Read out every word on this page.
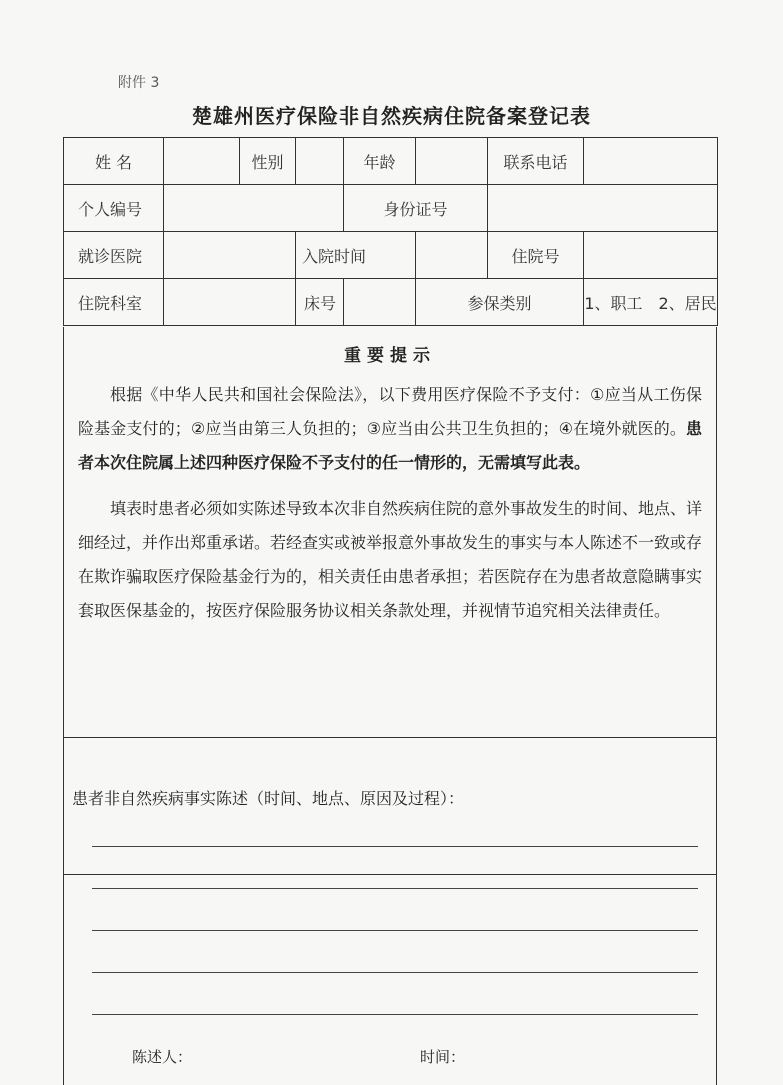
附件 3
楚雄州医疗保险非自然疾病住院备案登记表
姓 名		性别		年龄		联系电话	
个人编号				身份证号			
就诊医院			入院时间			住院号	
住院科室			床号		参保类别		1、职工　2、居民
重要提示

根据《中华人民共和国社会保险法》，以下费用医疗保险不予支付：①应当从工伤保险基金支付的；②应当由第三人负担的；③应当由公共卫生负担的；④在境外就医的。患者本次住院属上述四种医疗保险不予支付的任一情形的，无需填写此表。

填表时患者必须如实陈述导致本次非自然疾病住院的意外事故发生的时间、地点、详细经过，并作出郑重承诺。若经查实或被举报意外事故发生的事实与本人陈述不一致或存在欺诈骗取医疗保险基金行为的，相关责任由患者承担；若医院存在为患者故意隐瞒事实套取医保基金的，按医疗保险服务协议相关条款处理，并视情节追究相关法律责任。

患者非自然疾病事实陈述（时间、地点、原因及过程）：
陈述人：	时间：
